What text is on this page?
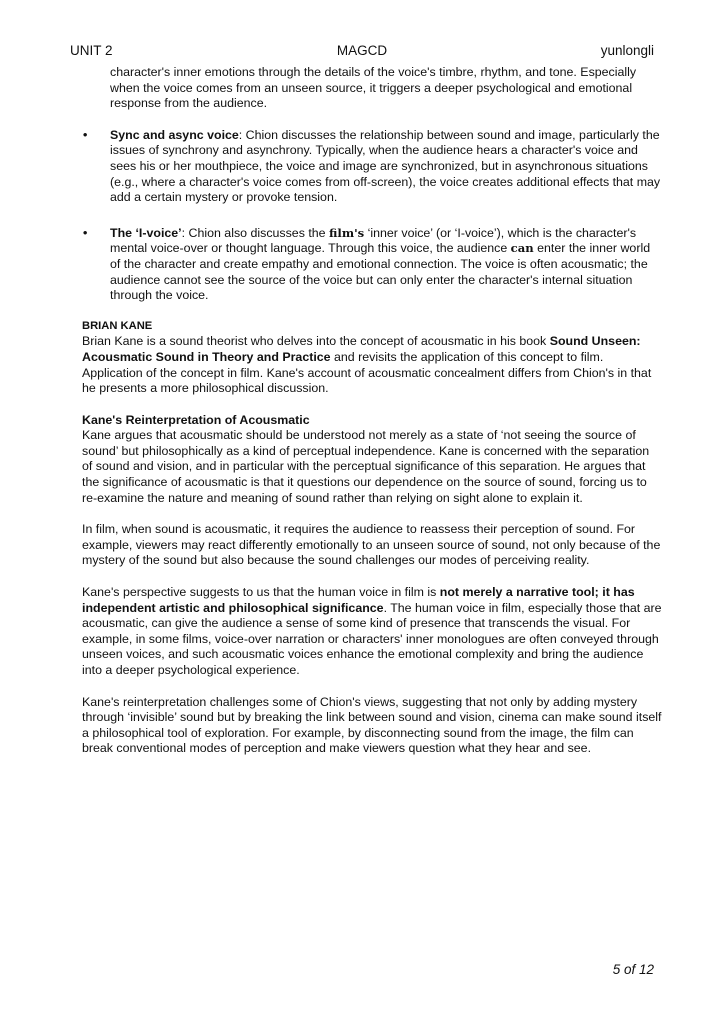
UNIT 2	MAGCD	yunlongli

character's inner emotions through the details of the voice's timbre, rhythm, and tone. Especially when the voice comes from an unseen source, it triggers a deeper psychological and emotional response from the audience.

• Sync and async voice: Chion discusses the relationship between sound and image, particularly the issues of synchrony and asynchrony. Typically, when the audience hears a character's voice and sees his or her mouthpiece, the voice and image are synchronized, but in asynchronous situations (e.g., where a character's voice comes from off-screen), the voice creates additional effects that may add a certain mystery or provoke tension.

• The ‘I-voice’: Chion also discusses the film's ‘inner voice’ (or ‘I-voice’), which is the character's mental voice-over or thought language. Through this voice, the audience can enter the inner world of the character and create empathy and emotional connection. The voice is often acousmatic; the audience cannot see the source of the voice but can only enter the character's internal situation through the voice.

BRIAN KANE

Brian Kane is a sound theorist who delves into the concept of acousmatic in his book Sound Unseen: Acousmatic Sound in Theory and Practice and revisits the application of this concept to film. Application of the concept in film. Kane's account of acousmatic concealment differs from Chion's in that he presents a more philosophical discussion.

Kane's Reinterpretation of Acousmatic

Kane argues that acousmatic should be understood not merely as a state of ‘not seeing the source of sound’ but philosophically as a kind of perceptual independence. Kane is concerned with the separation of sound and vision, and in particular with the perceptual significance of this separation. He argues that the significance of acousmatic is that it questions our dependence on the source of sound, forcing us to re-examine the nature and meaning of sound rather than relying on sight alone to explain it.

In film, when sound is acousmatic, it requires the audience to reassess their perception of sound. For example, viewers may react differently emotionally to an unseen source of sound, not only because of the mystery of the sound but also because the sound challenges our modes of perceiving reality.

Kane's perspective suggests to us that the human voice in film is not merely a narrative tool; it has independent artistic and philosophical significance. The human voice in film, especially those that are acousmatic, can give the audience a sense of some kind of presence that transcends the visual. For example, in some films, voice-over narration or characters' inner monologues are often conveyed through unseen voices, and such acousmatic voices enhance the emotional complexity and bring the audience into a deeper psychological experience.

Kane's reinterpretation challenges some of Chion's views, suggesting that not only by adding mystery through ‘invisible’ sound but by breaking the link between sound and vision, cinema can make sound itself a philosophical tool of exploration. For example, by disconnecting sound from the image, the film can break conventional modes of perception and make viewers question what they hear and see.

5 of 12
